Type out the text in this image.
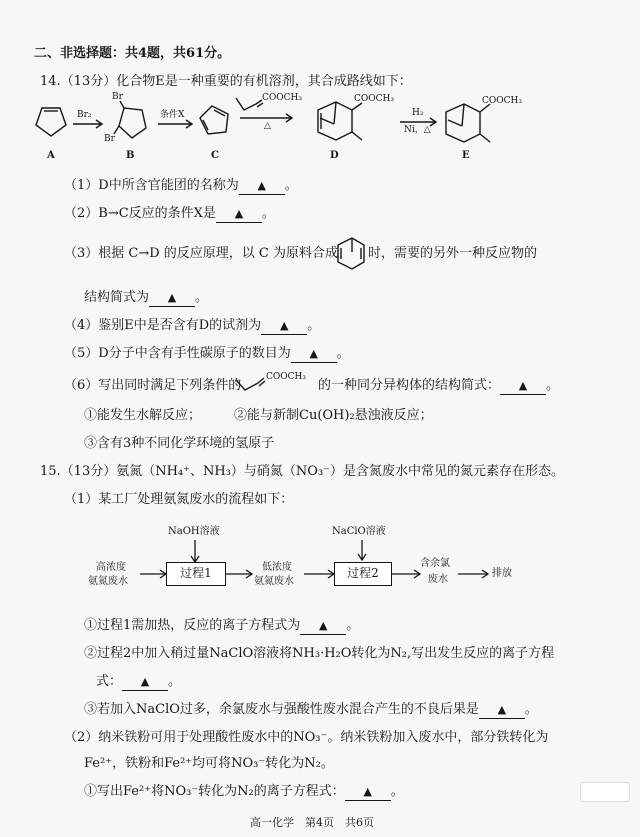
二、非选择题：共4题，共61分。
14.（13分）化合物E是一种重要的有机溶剂，其合成路线如下：
A	B	C	D	E
Br₂
Br
Br
条件X
COOCH₃
△
COOCH₃
H₂
Ni，△
COOCH₃
（1）D中所含官能团的名称为 ▲ 。
（2）B→C反应的条件X是 ▲ 。
（3）根据 C→D 的反应原理，以 C 为原料合成 时，需要的另外一种反应物的
结构简式为 ▲ 。
（4）鉴别E中是否含有D的试剂为 ▲ 。
（5）D分子中含有手性碳原子的数目为 ▲ 。
（6）写出同时满足下列条件的
COOCH₃
的一种同分异构体的结构简式： ▲ 。
①能发生水解反应；	②能与新制Cu(OH)₂悬浊液反应；
③含有3种不同化学环境的氢原子
15.（13分）氨氮（NH₄⁺、NH₃）与硝氮（NO₃⁻）是含氮废水中常见的氮元素存在形态。
（1）某工厂处理氨氮废水的流程如下：
NaOH溶液	NaClO溶液
高浓度
氨氮废水
过程1	低浓度
氨氮废水
过程2
含余氯
废水
排放
①过程1需加热，反应的离子方程式为 ▲ 。
②过程2中加入稍过量NaClO溶液将NH₃·H₂O转化为N₂,写出发生反应的离子方程
式： ▲ 。
③若加入NaClO过多，余氯废水与强酸性废水混合产生的不良后果是 ▲ 。
（2）纳米铁粉可用于处理酸性废水中的NO₃⁻。纳米铁粉加入废水中，部分铁转化为
Fe²⁺，铁粉和Fe²⁺均可将NO₃⁻转化为N₂。
①写出Fe²⁺将NO₃⁻转化为N₂的离子方程式： ▲ 。
高一化学　第4页　共6页
